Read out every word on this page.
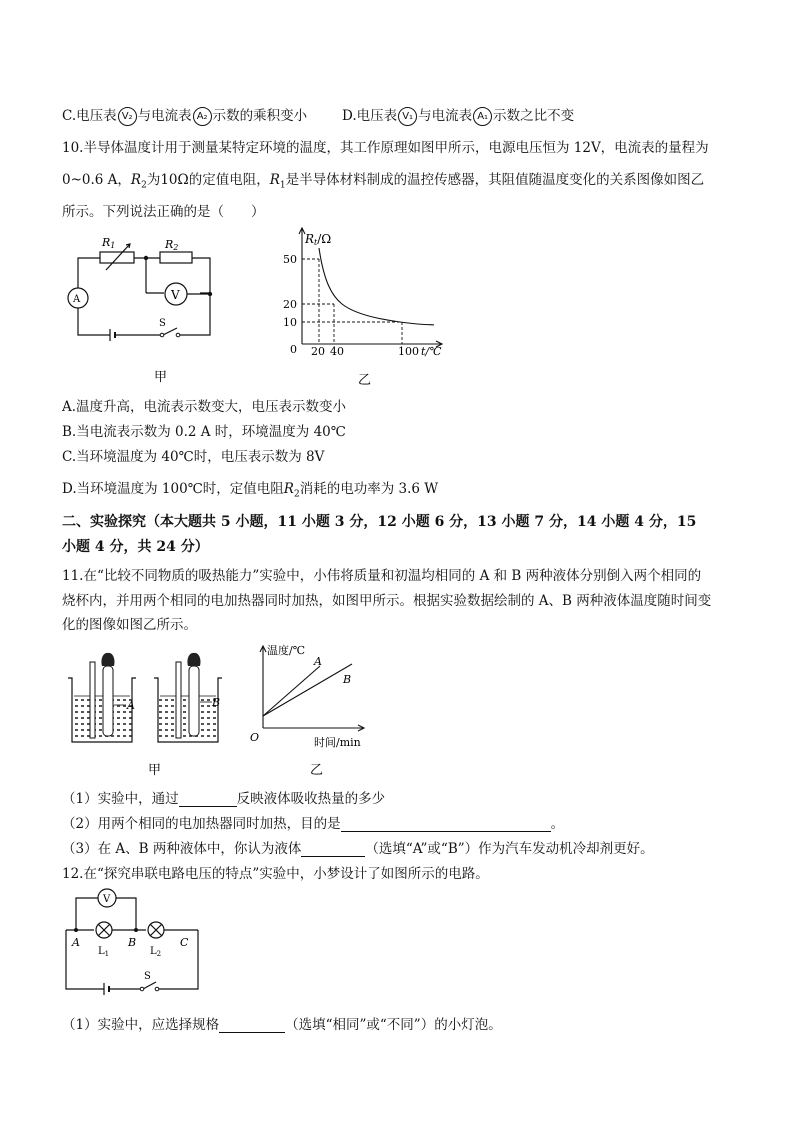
C.电压表 V₂ 与电流表 A₂ 示数的乘积变小	D.电压表 V₁ 与电流表 A₁ 示数之比不变
10.半导体温度计用于测量某特定环境的温度，其工作原理如图甲所示，电源电压恒为 12V，电流表的量程为
0~0.6 A，$R_2$为10Ω的定值电阻，$R_1$是半导体材料制成的温控传感器，其阻值随温度变化的关系图像如图乙
所示。下列说法正确的是（　　）
R1	R2
V
A
S
甲
Rt/Ω
50
20
10
0 20 40	100 t/℃
乙
A.温度升高，电流表示数变大，电压表示数变小
B.当电流表示数为 0.2 A 时，环境温度为 40℃
C.当环境温度为 40℃时，电压表示数为 8V
D.当环境温度为 100℃时，定值电阻$R_2$消耗的电功率为 3.6 W
二、实验探究（本大题共 5 小题，11 小题 3 分，12 小题 6 分，13 小题 7 分，14 小题 4 分，15
小题 4 分，共 24 分）
11.在“比较不同物质的吸热能力”实验中，小伟将质量和初温均相同的 A 和 B 两种液体分别倒入两个相同的
烧杯内，并用两个相同的电加热器同时加热，如图甲所示。根据实验数据绘制的 A、B 两种液体温度随时间变
化的图像如图乙所示。
A	B
甲
温度/℃
A
B
O	时间/min
乙
（1）实验中，通过	反映液体吸收热量的多少
（2）用两个相同的电加热器同时加热，目的是	。
（3）在 A、B 两种液体中，你认为液体	（选填“A”或“B”）作为汽车发动机冷却剂更好。
12.在“探究串联电路电压的特点”实验中，小梦设计了如图所示的电路。
V
A	B	C
$L_1$	$L_2$
S
（1）实验中，应选择规格	（选填“相同”或“不同”）的小灯泡。
